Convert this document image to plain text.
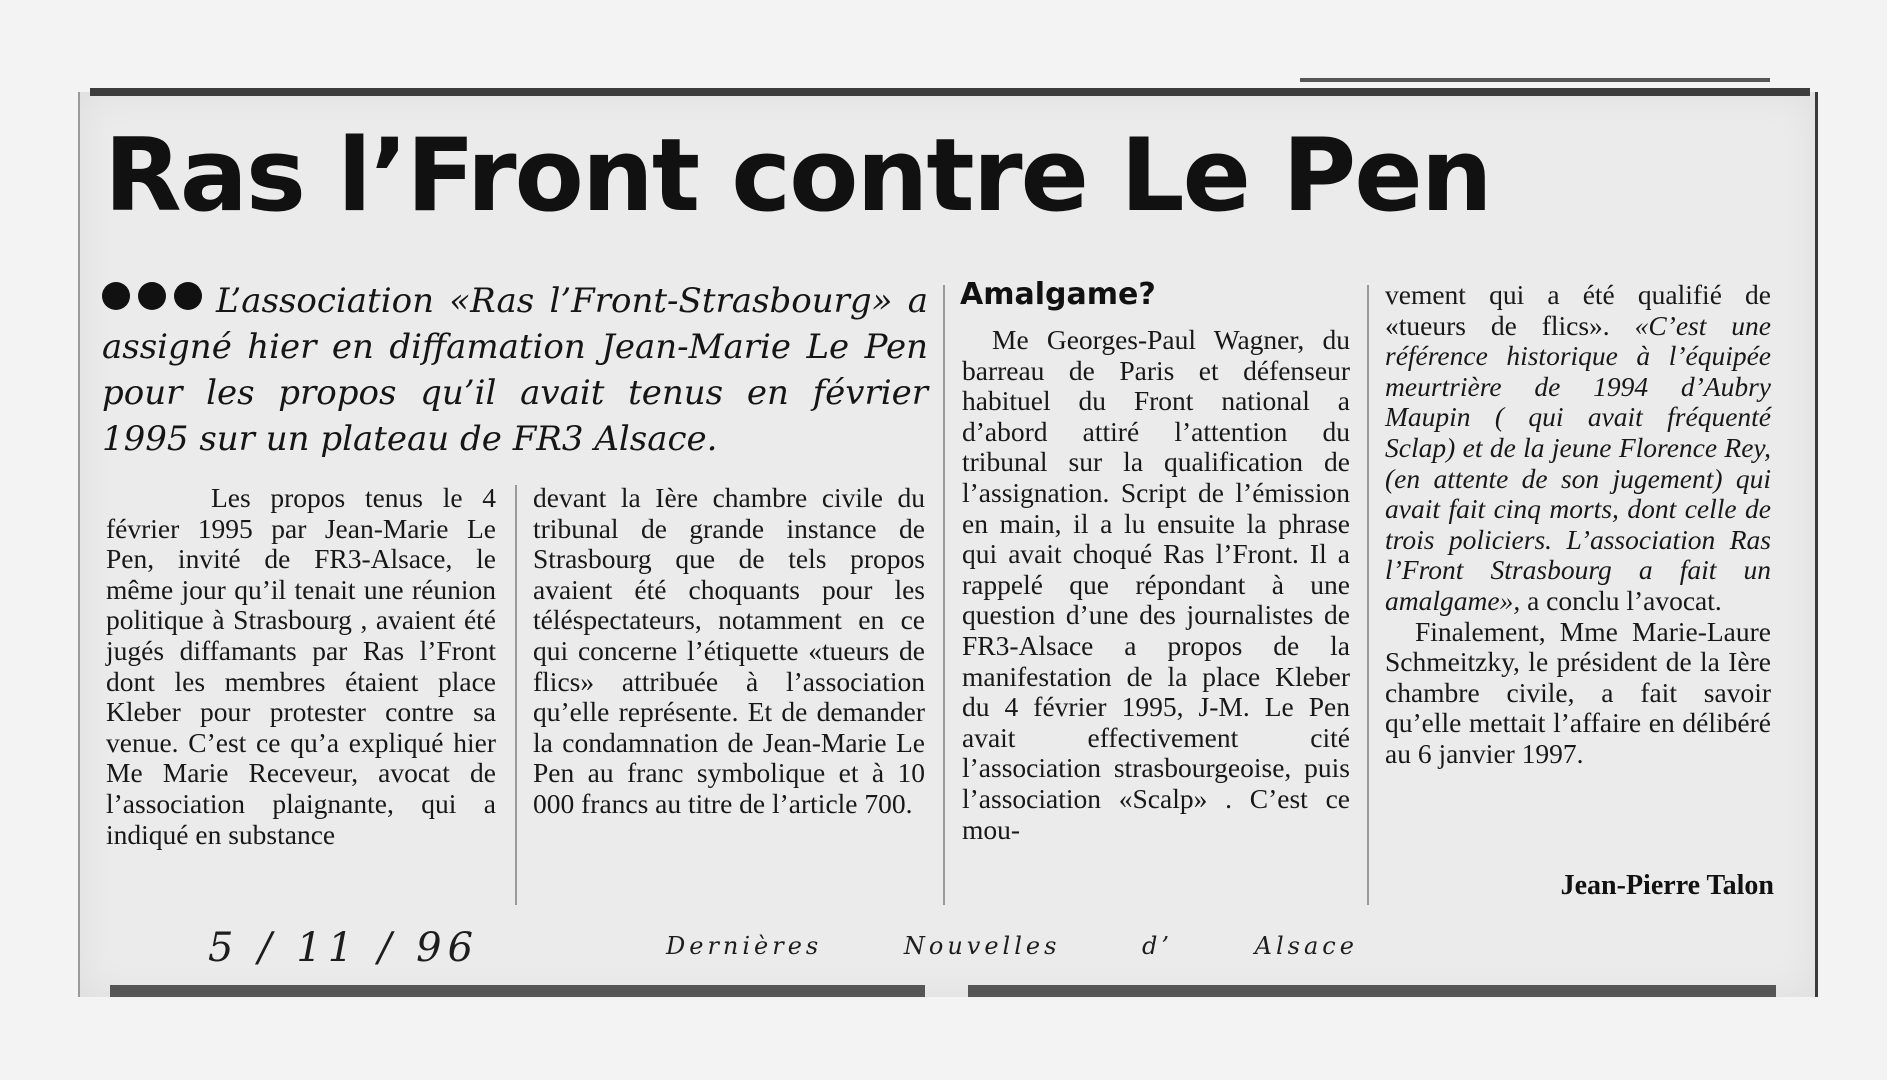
Ras l’Front contre Le Pen

L’association «Ras l’Front-Strasbourg» a assigné hier en diffamation Jean-Marie Le Pen pour les propos qu’il avait tenus en février 1995 sur un plateau de FR3 Alsace.

Les propos tenus le 4 février 1995 par Jean-Marie Le Pen, invité de FR3-Alsace, le même jour qu’il tenait une réunion politique à Strasbourg , avaient été jugés diffamants par Ras l’Front dont les membres étaient place Kleber pour protester contre sa venue. C’est ce qu’a expliqué hier Me Marie Receveur, avocat de l’association plaignante, qui a indiqué en substance

devant la Ière chambre civile du tribunal de grande instance de Strasbourg que de tels propos avaient été choquants pour les téléspectateurs, notamment en ce qui concerne l’étiquette «tueurs de flics» attribuée à l’association qu’elle représente. Et de demander la condamnation de Jean-Marie Le Pen au franc symbolique et à 10 000 francs au titre de l’article 700.

Amalgame?

Me Georges-Paul Wagner, du barreau de Paris et défenseur habituel du Front national a d’abord attiré l’attention du tribunal sur la qualification de l’assignation. Script de l’émission en main, il a lu ensuite la phrase qui avait choqué Ras l’Front. Il a rappelé que répondant à une question d’une des journalistes de FR3-Alsace a propos de la manifestation de la place Kleber du 4 février 1995, J-M. Le Pen avait effectivement cité l’association strasbourgeoise, puis l’association «Scalp» . C’est ce mou-

vement qui a été qualifié de «tueurs de flics». «C’est une référence historique à l’équipée meurtrière de 1994 d’Aubry Maupin ( qui avait fréquenté Sclap) et de la jeune Florence Rey,(en attente de son jugement) qui avait fait cinq morts, dont celle de trois policiers. L’association Ras l’Front Strasbourg a fait un amalgame», a conclu l’avocat.

Finalement, Mme Marie-Laure Schmeitzky, le président de la Ière chambre civile, a fait savoir qu’elle mettait l’affaire en délibéré au 6 janvier 1997.

Jean-Pierre Talon

5 / 11 / 96	Dernières Nouvelles d’ Alsace
